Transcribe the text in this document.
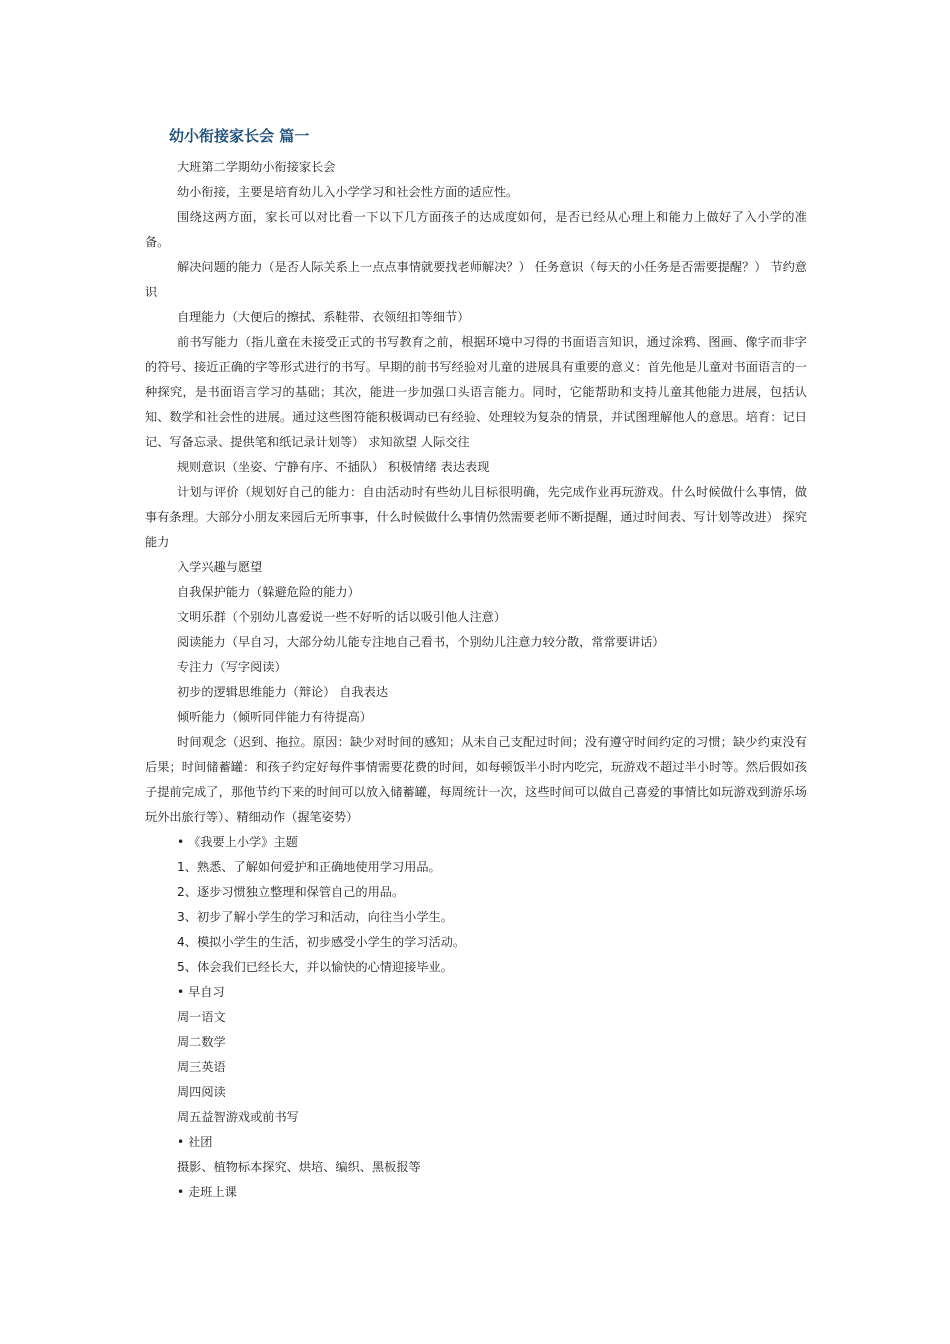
幼小衔接家长会 篇一

大班第二学期幼小衔接家长会

幼小衔接，主要是培育幼儿入小学学习和社会性方面的适应性。

围绕这两方面，家长可以对比看一下以下几方面孩子的达成度如何，是否已经从心理上和能力上做好了入小学的准备。

解决问题的能力（是否人际关系上一点点事情就要找老师解决？） 任务意识（每天的小任务是否需要提醒？） 节约意识

自理能力（大便后的擦拭、系鞋带、衣领纽扣等细节）

前书写能力（指儿童在未接受正式的书写教育之前，根据环境中习得的书面语言知识，通过涂鸦、图画、像字而非字的符号、接近正确的字等形式进行的书写。早期的前书写经验对儿童的进展具有重要的意义：首先他是儿童对书面语言的一种探究，是书面语言学习的基础；其次，能进一步加强口头语言能力。同时，它能帮助和支持儿童其他能力进展，包括认知、数学和社会性的进展。通过这些图符能积极调动已有经验、处理较为复杂的情景，并试图理解他人的意思。培育：记日记、写备忘录、提供笔和纸记录计划等） 求知欲望 人际交往

规则意识（坐姿、宁静有序、不插队） 积极情绪 表达表现

计划与评价（规划好自己的能力：自由活动时有些幼儿目标很明确，先完成作业再玩游戏。什么时候做什么事情，做事有条理。大部分小朋友来园后无所事事，什么时候做什么事情仍然需要老师不断提醒，通过时间表、写计划等改进） 探究能力

入学兴趣与愿望

自我保护能力（躲避危险的能力）

文明乐群（个别幼儿喜爱说一些不好听的话以吸引他人注意）

阅读能力（早自习，大部分幼儿能专注地自己看书，个别幼儿注意力较分散，常常要讲话）

专注力（写字阅读）

初步的逻辑思维能力（辩论） 自我表达

倾听能力（倾听同伴能力有待提高）

时间观念（迟到、拖拉。原因：缺少对时间的感知；从未自己支配过时间；没有遵守时间约定的习惯；缺少约束没有后果；时间储蓄罐：和孩子约定好每件事情需要花费的时间，如每顿饭半小时内吃完，玩游戏不超过半小时等。然后假如孩子提前完成了，那他节约下来的时间可以放入储蓄罐，每周统计一次，这些时间可以做自己喜爱的事情比如玩游戏到游乐场玩外出旅行等）、精细动作（握笔姿势）

• 《我要上小学》主题

1、熟悉、了解如何爱护和正确地使用学习用品。

2、逐步习惯独立整理和保管自己的用品。

3、初步了解小学生的学习和活动，向往当小学生。

4、模拟小学生的生活，初步感受小学生的学习活动。

5、体会我们已经长大，并以愉快的心情迎接毕业。

• 早自习

周一语文

周二数学

周三英语

周四阅读

周五益智游戏或前书写

• 社团

摄影、植物标本探究、烘培、编织、黑板报等

• 走班上课
